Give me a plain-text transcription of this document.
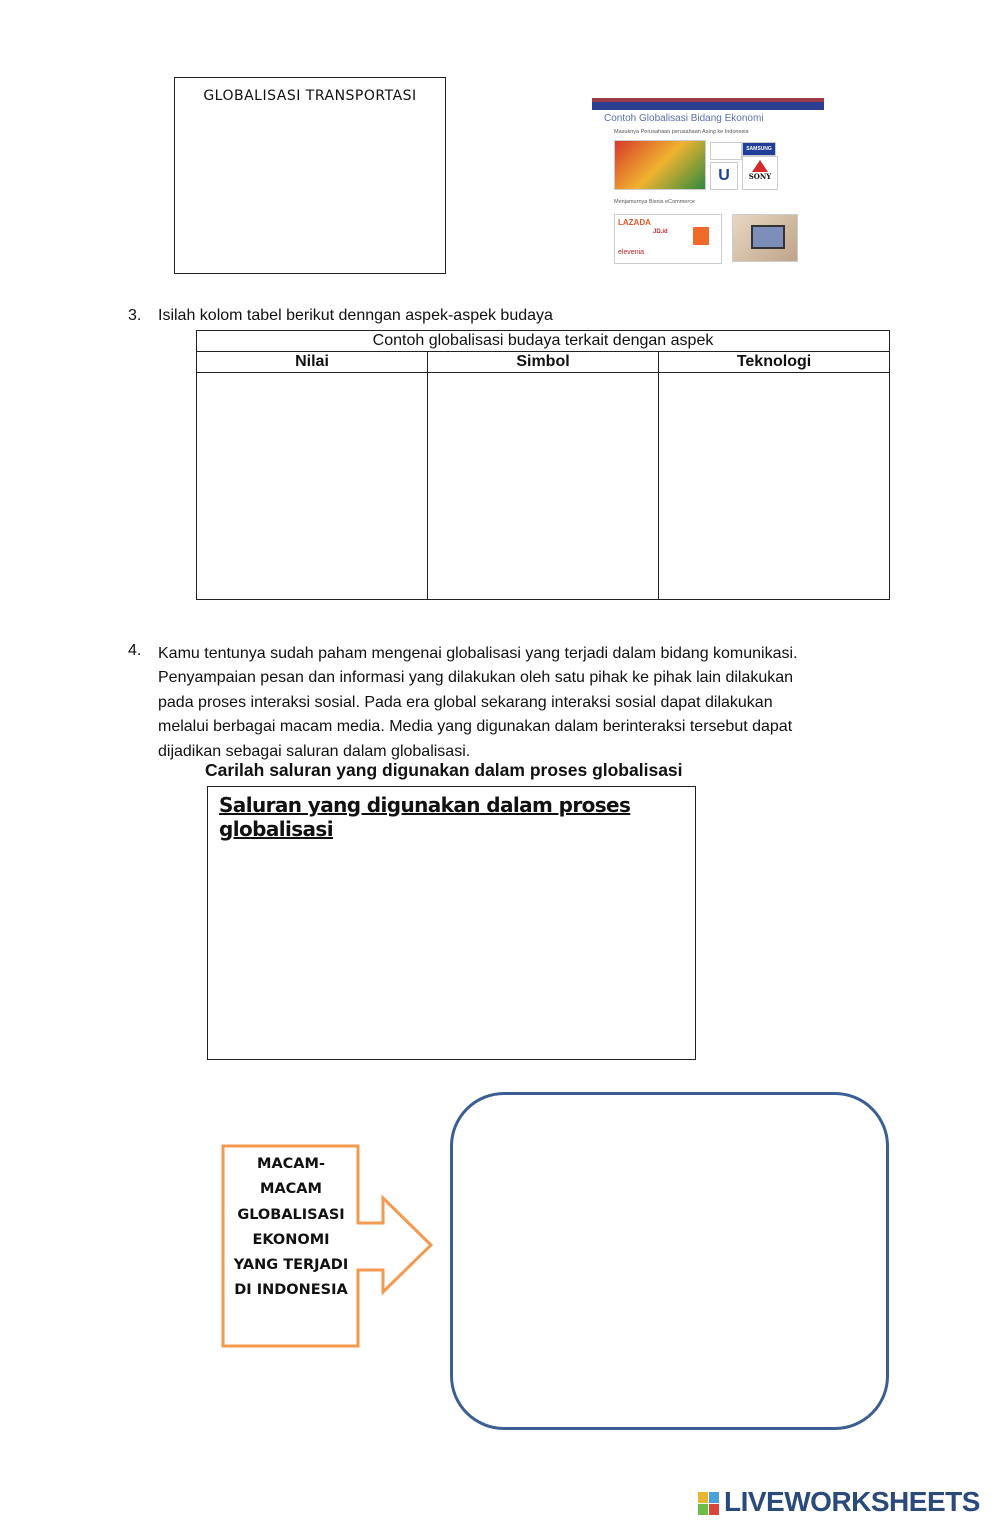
GLOBALISASI TRANSPORTASI
Contoh Globalisasi Bidang Ekonomi
Masuknya Perusahaan perusahaan Asing ke Indonesia
SAMSUNG
U	SONY
Menjamurnya Bisnis eCommerce
LAZADA
JD.id
elevenia
3. Isilah kolom tabel berikut denngan aspek-aspek budaya
Contoh globalisasi budaya terkait dengan aspek		
Nilai	Simbol	Teknologi

4. Kamu tentunya sudah paham mengenai globalisasi yang terjadi dalam bidang komunikasi.
Penyampaian pesan dan informasi yang dilakukan oleh satu pihak ke pihak lain dilakukan
pada proses interaksi sosial. Pada era global sekarang interaksi sosial dapat dilakukan
melalui berbagai macam media. Media yang digunakan dalam berinteraksi tersebut dapat
dijadikan sebagai saluran dalam globalisasi.
Carilah saluran yang digunakan dalam proses globalisasi
Saluran yang digunakan dalam proses globalisasi
MACAM-
MACAM
GLOBALISASI
EKONOMI
YANG TERJADI
DI INDONESIA
LIVEWORKSHEETS
